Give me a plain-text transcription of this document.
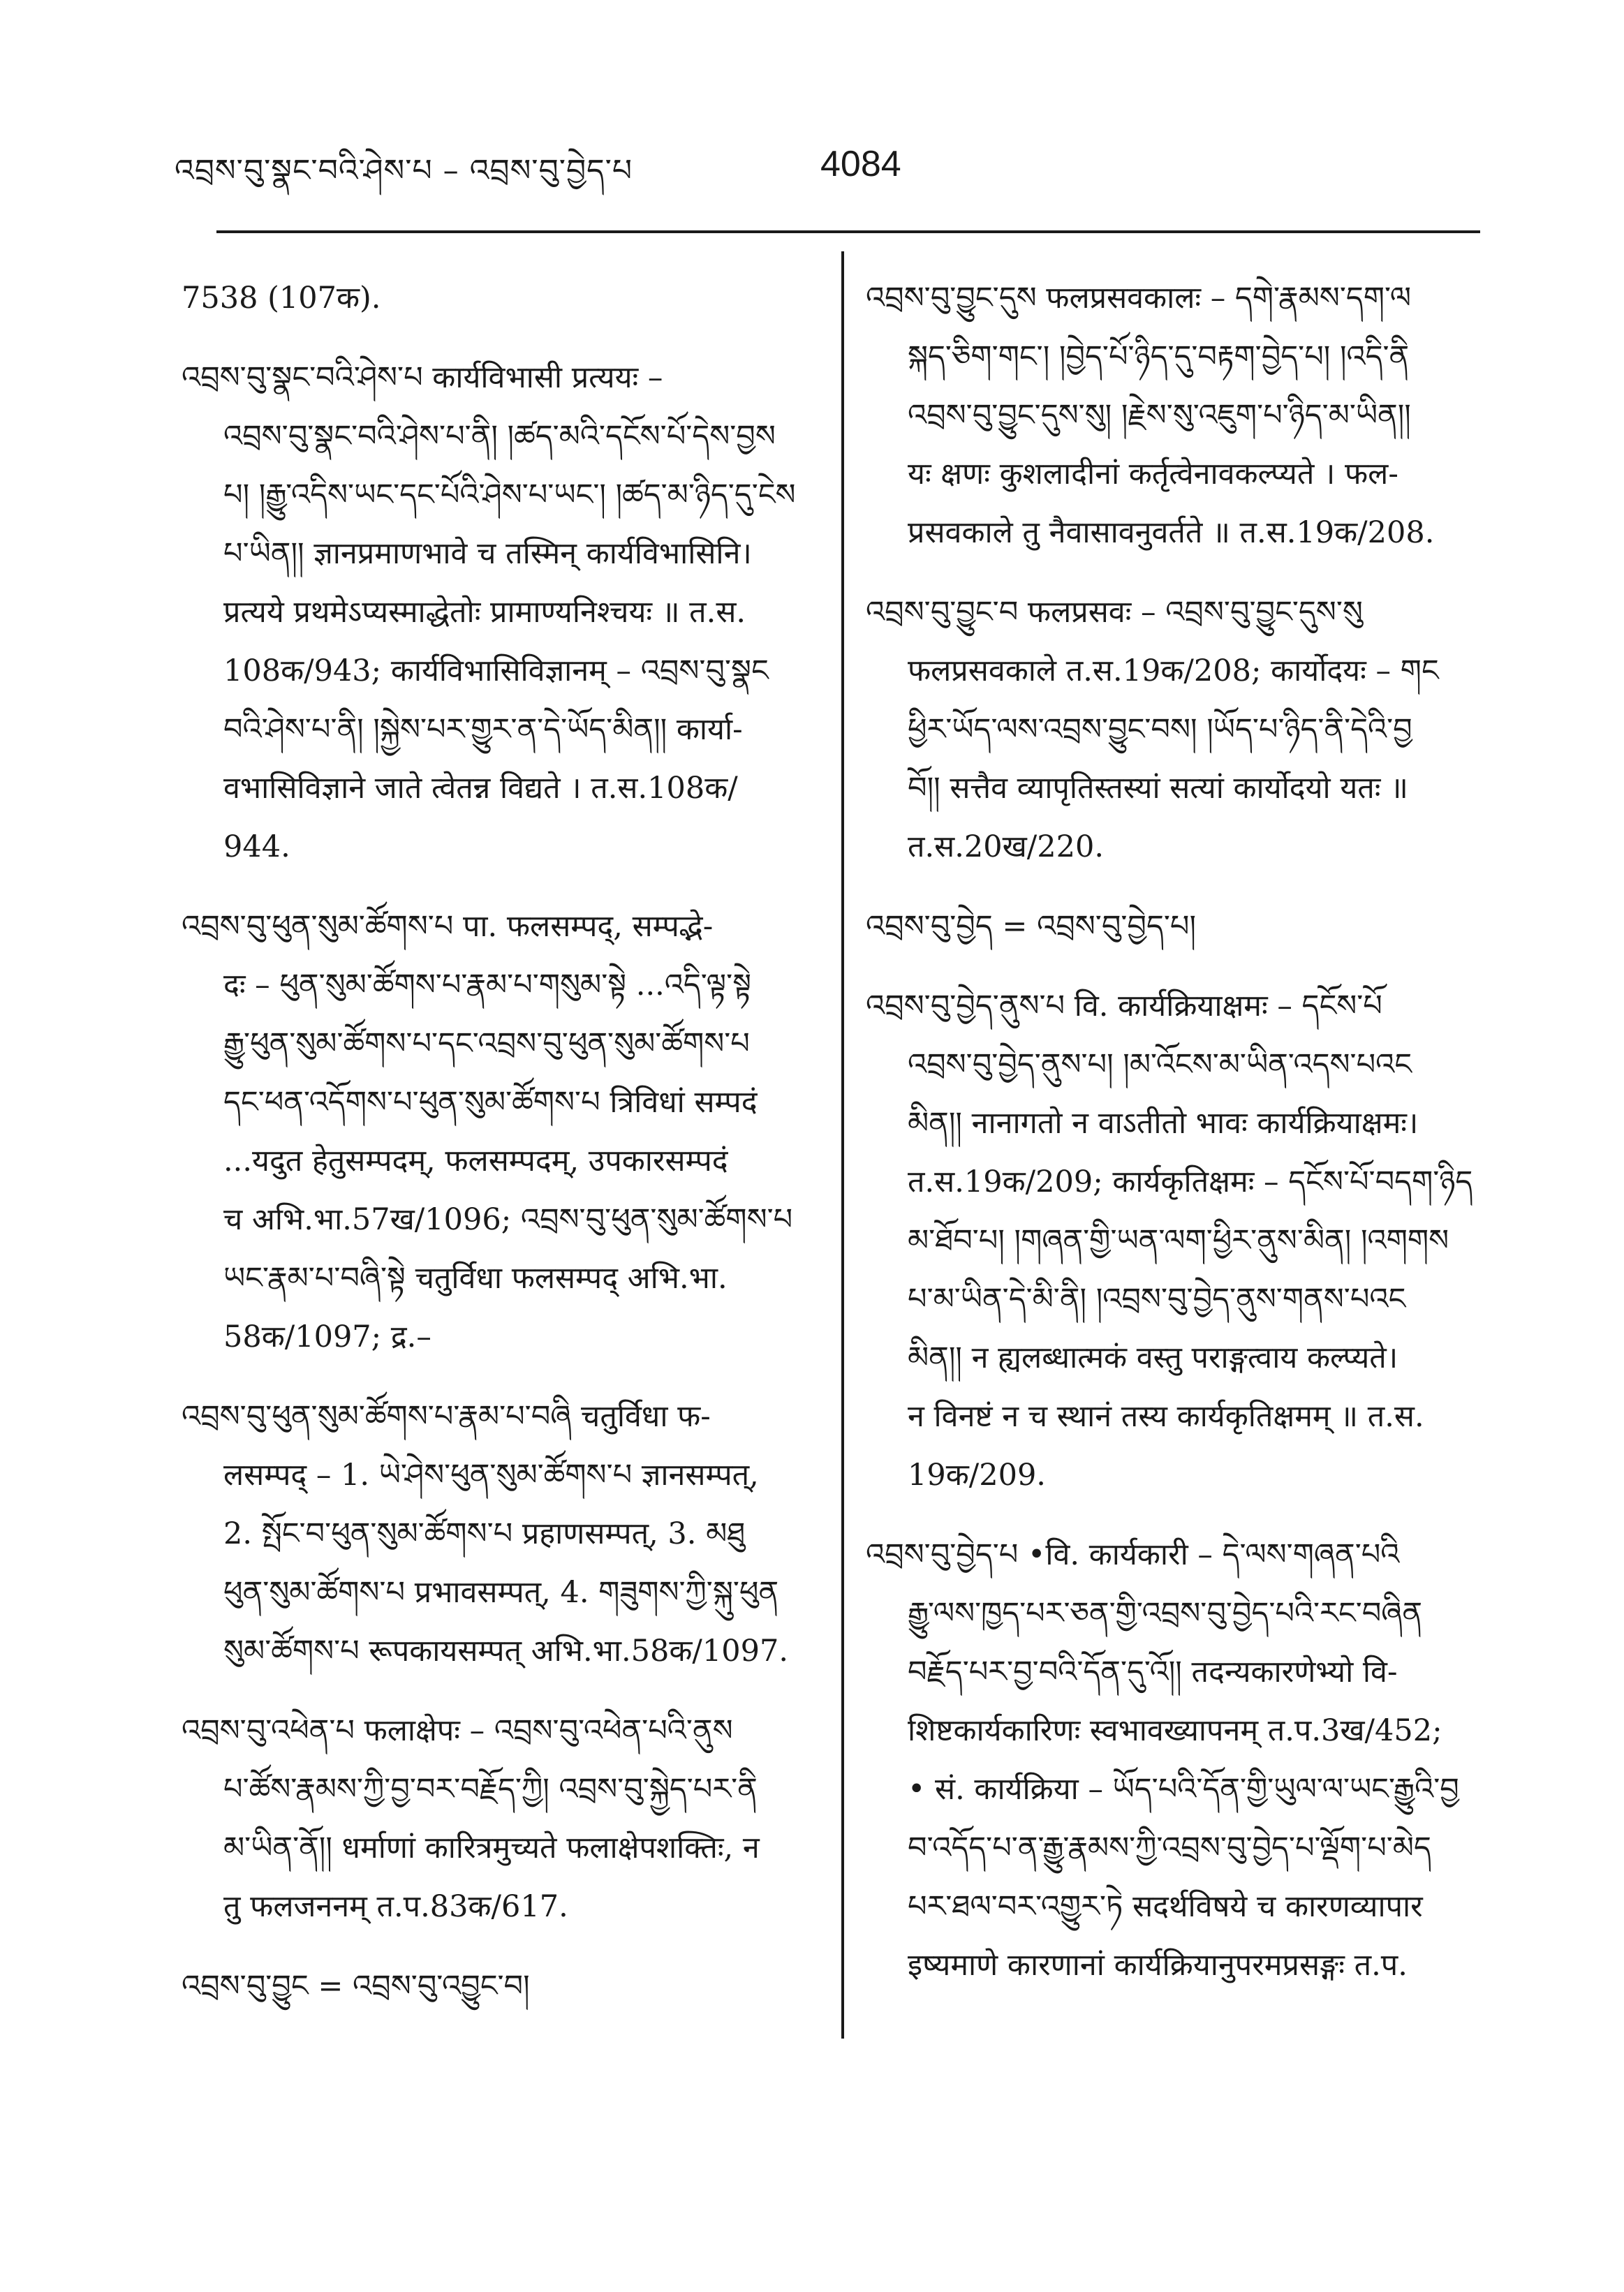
འབྲས་བུ་སྣང་བའི་ཤེས་པ – འབྲས་བུ་བྱེད་པ	4084
7538 (107क).
འབྲས་བུ་སྣང་བའི་ཤེས་པ कार्यविभासी प्रत्ययः –
འབྲས་བུ་སྣང་བའི་ཤེས་པ་ནི། །ཚད་མའི་དངོས་པོ་དེས་བྱས
པ། །རྒྱུ་འདིས་ཡང་དང་པོའི་ཤེས་པ་ཡང་། །ཚད་མ་ཉིད་དུ་ངེས
པ་ཡིན།། ज्ञानप्रमाणभावे च तस्मिन् कार्यविभासिनि।
प्रत्यये प्रथमेऽप्यस्माद्धेतोः प्रामाण्यनिश्चयः ॥ त.स.
108क/943; कार्यविभासिविज्ञानम् – འབྲས་བུ་སྣང
བའི་ཤེས་པ་ནི། །སྐྱེས་པར་གྱུར་ན་དེ་ཡོད་མིན།། कार्या-
वभासिविज्ञाने जाते त्वेतन्न विद्यते । त.स.108क/
944.
འབྲས་བུ་ཕུན་སུམ་ཚོགས་པ पा. फलसम्पद्, सम्पद्भे-
दः – ཕུན་སུམ་ཚོགས་པ་རྣམ་པ་གསུམ་སྟེ ...འདི་ལྟ་སྟེ
རྒྱུ་ཕུན་སུམ་ཚོགས་པ་དང་འབྲས་བུ་ཕུན་སུམ་ཚོགས་པ
དང་ཕན་འདོགས་པ་ཕུན་སུམ་ཚོགས་པ त्रिविधां सम्पदं
...यदुत हेतुसम्पदम्, फलसम्पदम्, उपकारसम्पदं
च अभि.भा.57ख/1096; འབྲས་བུ་ཕུན་སུམ་ཚོགས་པ
ཡང་རྣམ་པ་བཞི་སྟེ चतुर्विधा फलसम्पद् अभि.भा.
58क/1097; द्र.–
འབྲས་བུ་ཕུན་སུམ་ཚོགས་པ་རྣམ་པ་བཞི चतुर्विधा फ-
लसम्पद् – 1. ཡེ་ཤེས་ཕུན་སུམ་ཚོགས་པ ज्ञानसम्पत्,
2. སྤོང་བ་ཕུན་སུམ་ཚོགས་པ प्रहाणसम्पत्, 3. མཐུ
ཕུན་སུམ་ཚོགས་པ प्रभावसम्पत्, 4. གཟུགས་ཀྱི་སྐུ་ཕུན
སུམ་ཚོགས་པ रूपकायसम्पत् अभि.भा.58क/1097.
འབྲས་བུ་འཕེན་པ फलाक्षेपः – འབྲས་བུ་འཕེན་པའི་ནུས
པ་ཚོས་རྣམས་ཀྱི་བྱ་བར་བརྗོད་ཀྱི། འབྲས་བུ་སྐྱེད་པར་ནི
མ་ཡིན་ནོ།། धर्माणां कारित्रमुच्यते फलाक्षेपशक्तिः, न
तु फलजननम् त.प.83क/617.
འབྲས་བུ་བྱུང = འབྲས་བུ་འབྱུང་བ།
འབྲས་བུ་བྱུང་དུས फलप्रसवकालः – དགེ་རྣམས་དག་ལ
སྐད་ཅིག་གང་། །བྱེད་པོ་ཉིད་དུ་བརྟག་བྱེད་པ། །འདི་ནི
འབྲས་བུ་བྱུང་དུས་སུ། །རྗེས་སུ་འཇུག་པ་ཉིད་མ་ཡིན།།
यः क्षणः कुशलादीनां कर्तृत्वेनावकल्प्यते । फल-
प्रसवकाले तु नैवासावनुवर्तते ॥ त.स.19क/208.
འབྲས་བུ་བྱུང་བ फलप्रसवः – འབྲས་བུ་བྱུང་དུས་སུ
फलप्रसवकाले त.स.19क/208; कार्योदयः – གང
ཕྱིར་ཡོད་ལས་འབྲས་བྱུང་བས། །ཡོད་པ་ཉིད་ནི་དེའི་བྱ
བོ།། सत्तैव व्यापृतिस्तस्यां सत्यां कार्योदयो यतः ॥
त.स.20ख/220.
འབྲས་བུ་བྱེད = འབྲས་བུ་བྱེད་པ།
འབྲས་བུ་བྱེད་ནུས་པ वि. कार्यक्रियाक्षमः – དངོས་པོ
འབྲས་བུ་བྱེད་ནུས་པ། །མ་འོངས་མ་ཡིན་འདས་པའང
མིན།། नानागतो न वाऽतीतो भावः कार्यक्रियाक्षमः।
त.स.19क/209; कार्यकृतिक्षमः – དངོས་པོ་བདག་ཉིད
མ་ཐོབ་པ། །གཞན་གྱི་ཡན་ལག་ཕྱིར་ནུས་མིན། །འགགས
པ་མ་ཡིན་དེ་མི་ནི། །འབྲས་བུ་བྱེད་ནུས་གནས་པའང
མིན།། न ह्यलब्धात्मकं वस्तु पराङ्गत्वाय कल्प्यते।
न विनष्टं न च स्थानं तस्य कार्यकृतिक्षमम् ॥ त.स.
19क/209.
འབྲས་བུ་བྱེད་པ •वि. कार्यकारी – དེ་ལས་གཞན་པའི
རྒྱུ་ལས་ཁྱད་པར་ཅན་གྱི་འབྲས་བུ་བྱེད་པའི་རང་བཞིན
བརྗོད་པར་བྱ་བའི་དོན་དུ་འོ།། तदन्यकारणेभ्यो वि-
शिष्टकार्यकारिणः स्वभावख्यापनम् त.प.3ख/452;
• सं. कार्यक्रिया – ཡོད་པའི་དོན་གྱི་ཡུལ་ལ་ཡང་རྒྱུའི་བྱ
བ་འདོད་པ་ན་རྒྱུ་རྣམས་ཀྱི་འབྲས་བུ་བྱེད་པ་ལྡོག་པ་མེད
པར་ཐལ་བར་འགྱུར་ཏེ सदर्थविषये च कारणव्यापार
इष्यमाणे कारणानां कार्यक्रियानुपरमप्रसङ्गः त.प.
